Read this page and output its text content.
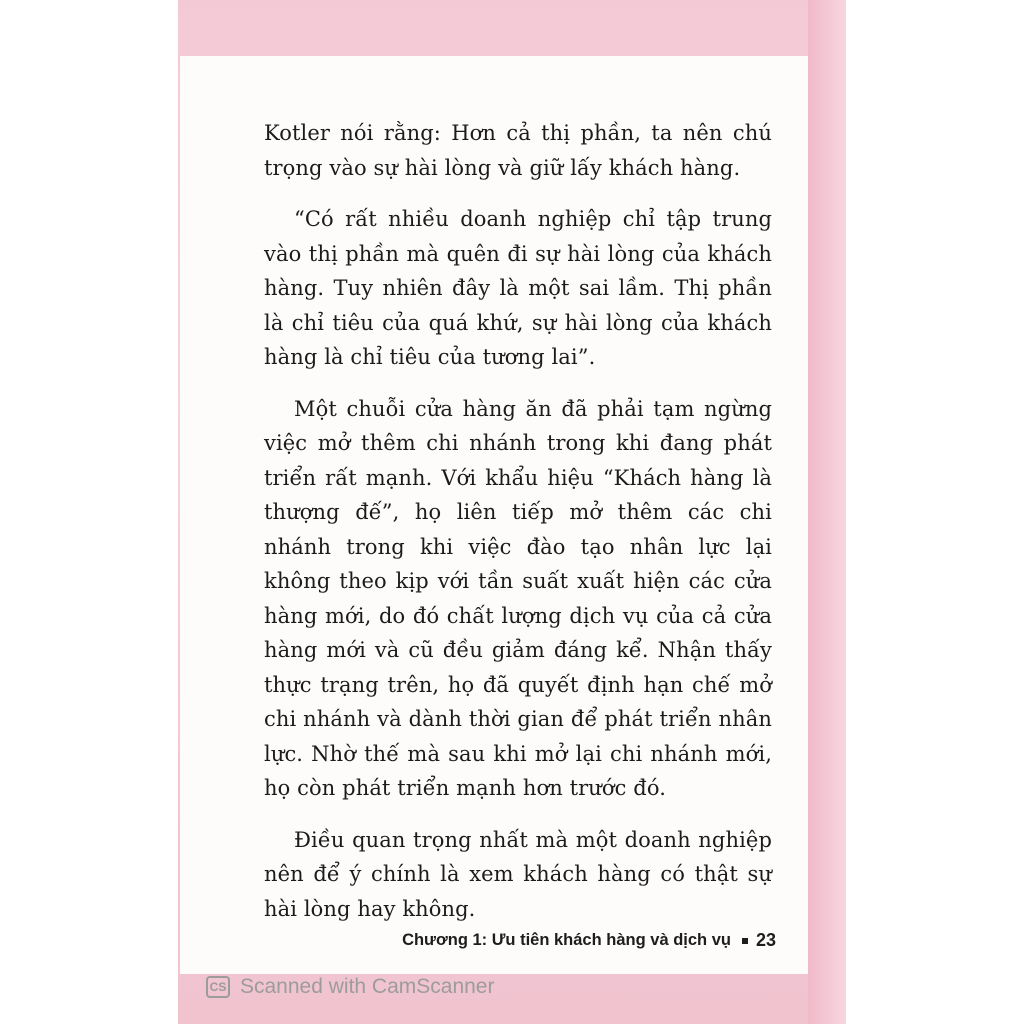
Kotler nói rằng: Hơn cả thị phần, ta nên chú trọng vào sự hài lòng và giữ lấy khách hàng.

“Có rất nhiều doanh nghiệp chỉ tập trung vào thị phần mà quên đi sự hài lòng của khách hàng. Tuy nhiên đây là một sai lầm. Thị phần là chỉ tiêu của quá khứ, sự hài lòng của khách hàng là chỉ tiêu của tương lai”.

Một chuỗi cửa hàng ăn đã phải tạm ngừng việc mở thêm chi nhánh trong khi đang phát triển rất mạnh. Với khẩu hiệu “Khách hàng là thượng đế”, họ liên tiếp mở thêm các chi nhánh trong khi việc đào tạo nhân lực lại không theo kịp với tần suất xuất hiện các cửa hàng mới, do đó chất lượng dịch vụ của cả cửa hàng mới và cũ đều giảm đáng kể. Nhận thấy thực trạng trên, họ đã quyết định hạn chế mở chi nhánh và dành thời gian để phát triển nhân lực. Nhờ thế mà sau khi mở lại chi nhánh mới, họ còn phát triển mạnh hơn trước đó.

Điều quan trọng nhất mà một doanh nghiệp nên để ý chính là xem khách hàng có thật sự hài lòng hay không.

Chương 1: Ưu tiên khách hàng và dịch vụ 23
CS Scanned with CamScanner
